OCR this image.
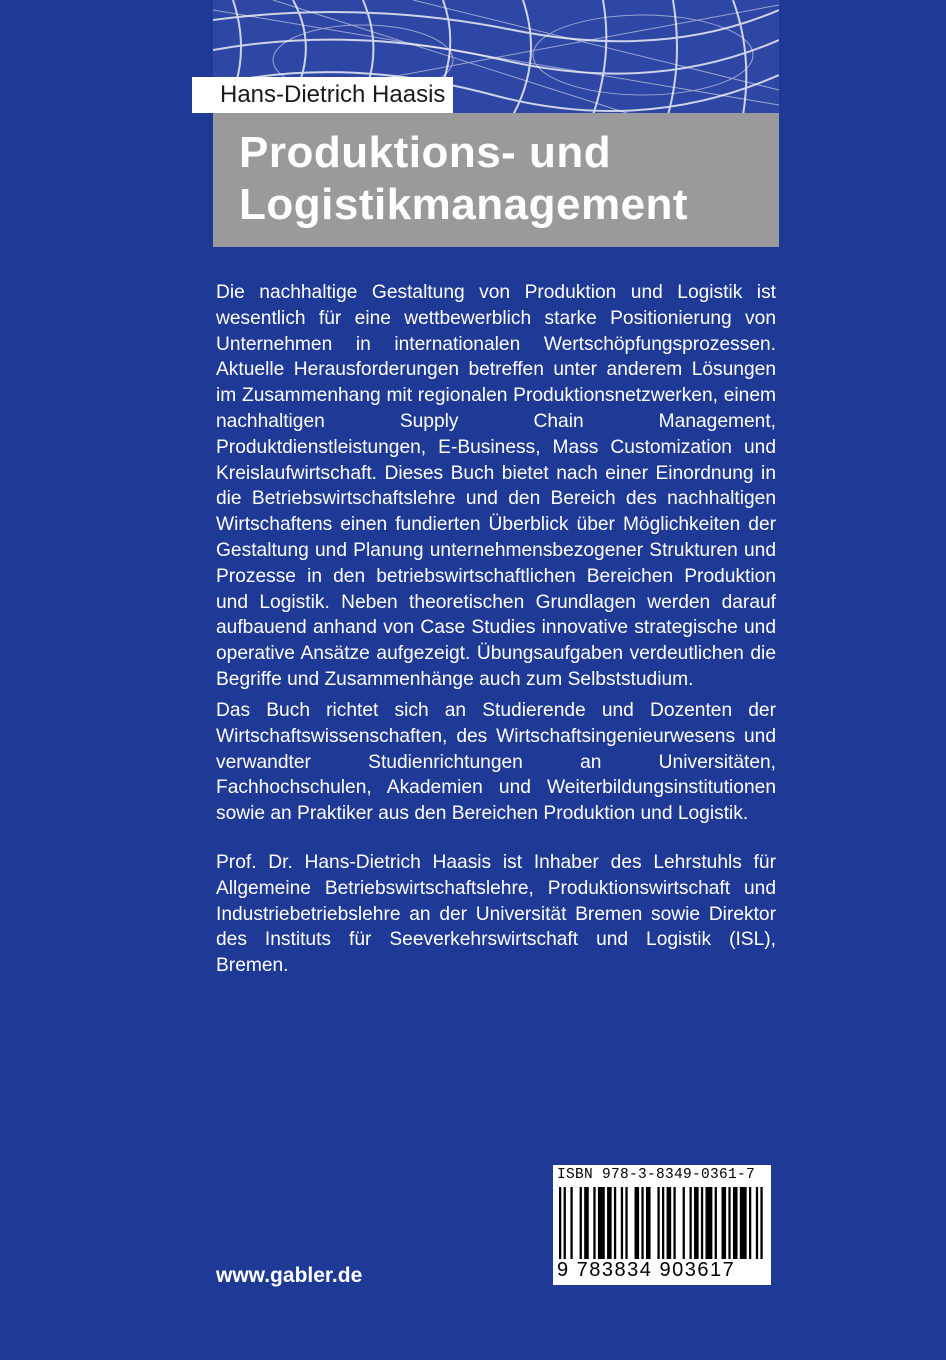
Hans-Dietrich Haasis
Produktions- und
Logistikmanagement
Die nachhaltige Gestaltung von Produktion und Logistik ist wesentlich für eine wettbewerblich starke Positionierung von Unternehmen in internationalen Wertschöpfungsprozessen. Aktuelle Herausforderungen betreffen unter anderem Lösungen im Zusammenhang mit regionalen Produktionsnetzwerken, einem nachhaltigen Supply Chain Management, Produktdienstleistungen, E-Business, Mass Customization und Kreislaufwirtschaft. Dieses Buch bietet nach einer Einordnung in die Betriebswirtschaftslehre und den Bereich des nachhaltigen Wirtschaftens einen fundierten Überblick über Möglichkeiten der Gestaltung und Planung unternehmensbezogener Strukturen und Prozesse in den betriebswirtschaftlichen Bereichen Produktion und Logistik. Neben theoretischen Grundlagen werden darauf aufbauend anhand von Case Studies innovative strategische und operative Ansätze aufgezeigt. Übungsaufgaben verdeutlichen die Begriffe und Zusammenhänge auch zum Selbststudium.
Das Buch richtet sich an Studierende und Dozenten der Wirtschaftswissenschaften, des Wirtschaftsingenieurwesens und verwandter Studienrichtungen an Universitäten, Fachhochschulen, Akademien und Weiterbildungsinstitutionen sowie an Praktiker aus den Bereichen Produktion und Logistik.
Prof. Dr. Hans-Dietrich Haasis ist Inhaber des Lehrstuhls für Allgemeine Betriebswirtschaftslehre, Produktionswirtschaft und Industriebetriebslehre an der Universität Bremen sowie Direktor des Instituts für Seeverkehrswirtschaft und Logistik (ISL), Bremen.
www.gabler.de
ISBN 978-3-8349-0361-7
9 783834 903617
